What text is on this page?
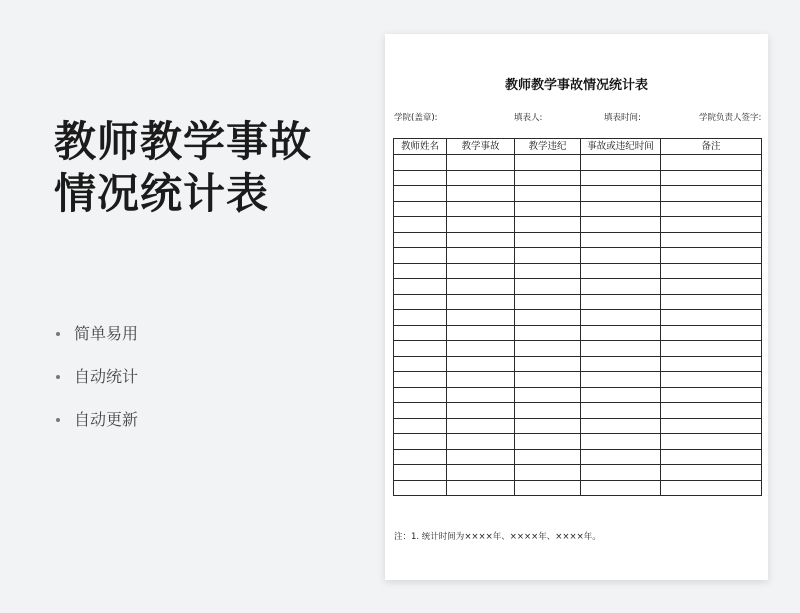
教师教学事故情况统计表
简单易用
自动统计
自动更新
教师教学事故情况统计表
学院(盖章):	填表人:	填表时间:	学院负责人签字:
教师姓名	教学事故	教学违纪	事故或违纪时间	备注

注：1. 统计时间为××××年、××××年、××××年。
